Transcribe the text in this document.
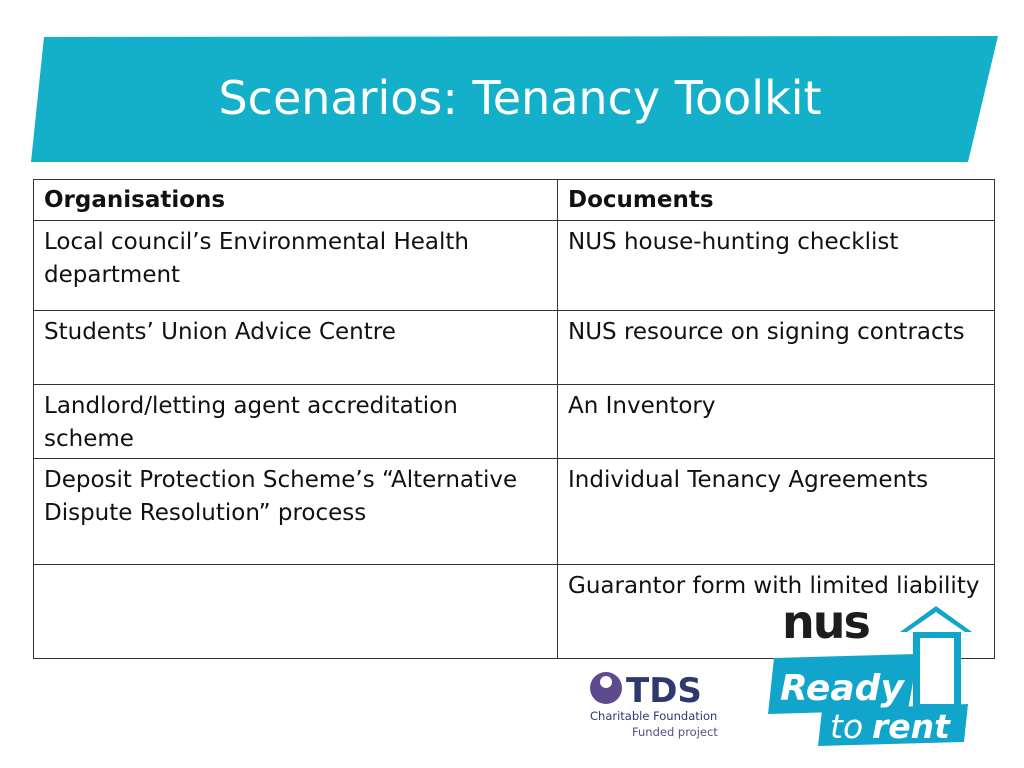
Scenarios: Tenancy Toolkit
Organisations	Documents
Local council’s Environmental Health department	NUS house-hunting checklist
Students’ Union Advice Centre	NUS resource on signing contracts
Landlord/letting agent accreditation scheme	An Inventory
Deposit Protection Scheme’s “Alternative Dispute Resolution” process	Individual Tenancy Agreements
	Guarantor form with limited liability
nus
Ready
to rent
TDS
Charitable Foundation
Funded project
